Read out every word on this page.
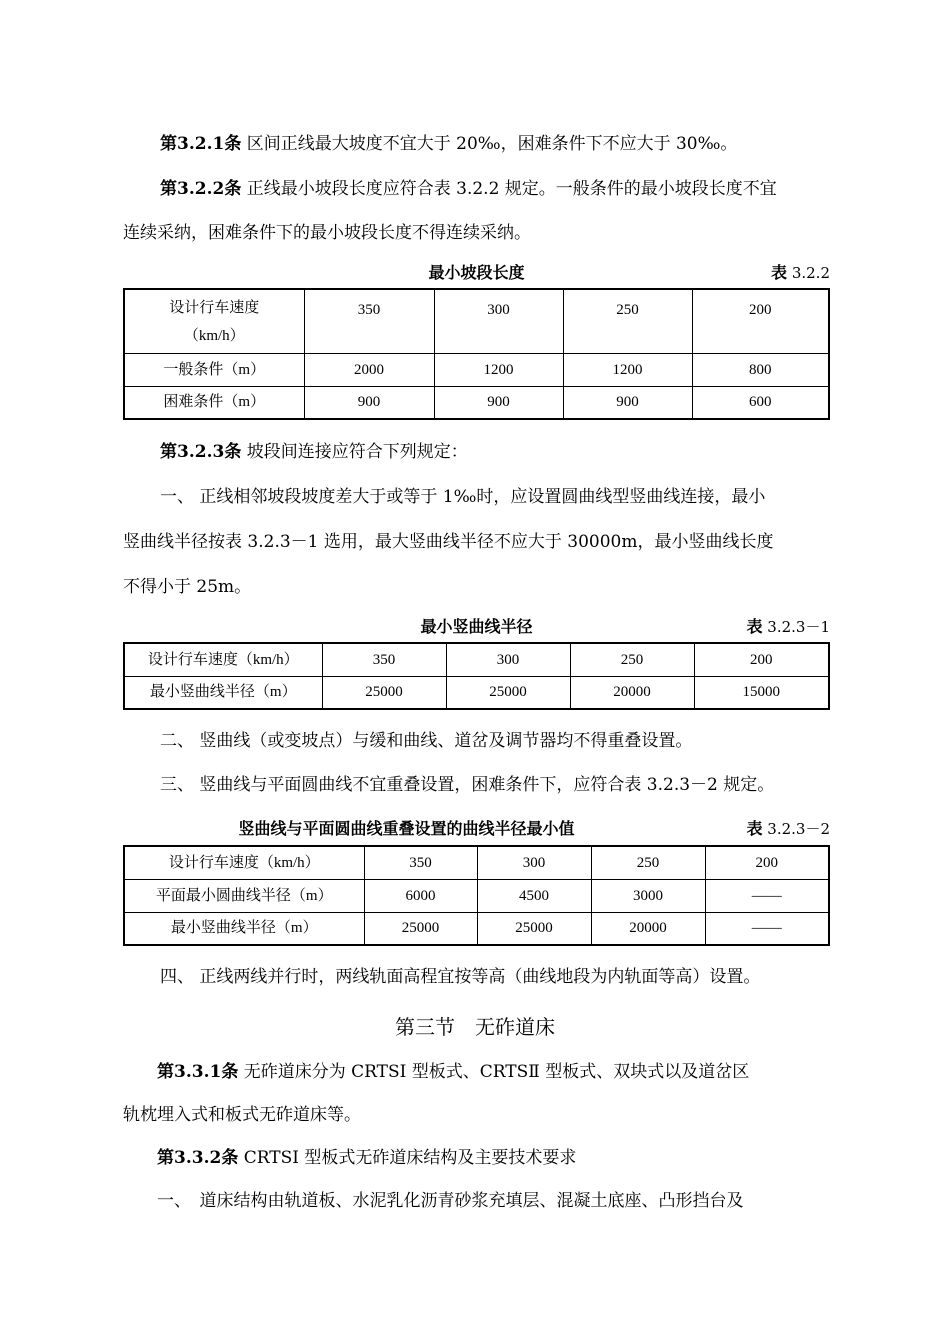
第3.2.1条 区间正线最大坡度不宜大于 20‰，困难条件下不应大于 30‰。
第3.2.2条 正线最小坡段长度应符合表 3.2.2 规定。一般条件的最小坡段长度不宜
连续采纳，困难条件下的最小坡段长度不得连续采纳。
最小坡段长度	表 3.2.2
设计行车速度
（km/h）	350	300	250	200
一般条件（m）	2000	1200	1200	800
困难条件（m）	900	900	900	600
第3.2.3条 坡段间连接应符合下列规定：
一、 正线相邻坡段坡度差大于或等于 1‰时，应设置圆曲线型竖曲线连接，最小
竖曲线半径按表 3.2.3－1 选用，最大竖曲线半径不应大于 30000m，最小竖曲线长度
不得小于 25m。
最小竖曲线半径	表 3.2.3－1
设计行车速度（km/h）	350	300	250	200
最小竖曲线半径（m）	25000	25000	20000	15000
二、 竖曲线（或变坡点）与缓和曲线、道岔及调节器均不得重叠设置。
三、 竖曲线与平面圆曲线不宜重叠设置，困难条件下，应符合表 3.2.3－2 规定。
竖曲线与平面圆曲线重叠设置的曲线半径最小值	表 3.2.3－2
设计行车速度（km/h）	350	300	250	200
平面最小圆曲线半径（m）	6000	4500	3000	——
最小竖曲线半径（m）	25000	25000	20000	——
四、 正线两线并行时，两线轨面高程宜按等高（曲线地段为内轨面等高）设置。
第三节　无砟道床
第3.3.1条 无砟道床分为 CRTSⅠ 型板式、CRTSⅡ 型板式、双块式以及道岔区
轨枕埋入式和板式无砟道床等。
第3.3.2条 CRTSⅠ 型板式无砟道床结构及主要技术要求
一、　道床结构由轨道板、水泥乳化沥青砂浆充填层、混凝土底座、凸形挡台及
